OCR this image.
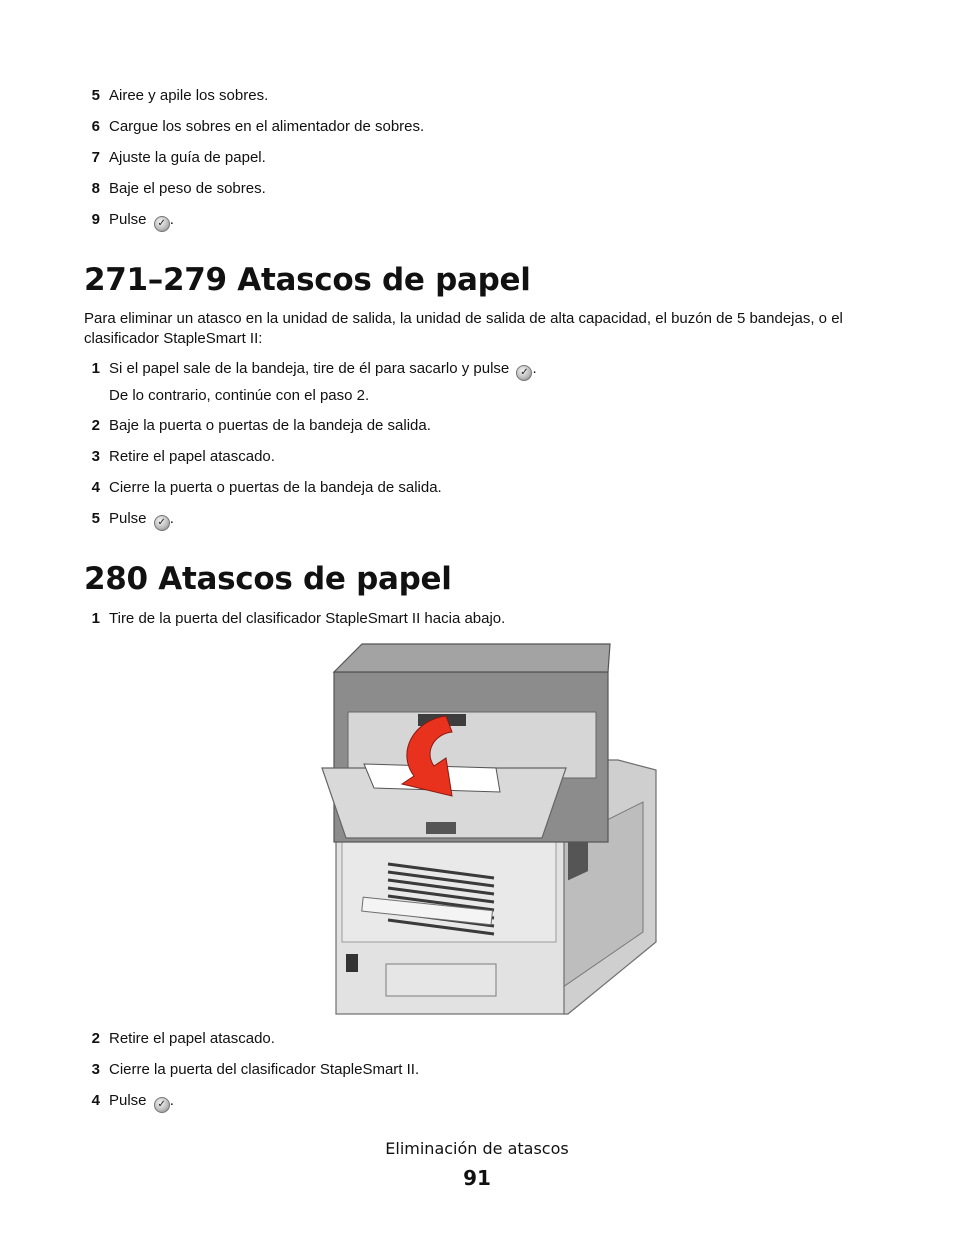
5 Airee y apile los sobres.
6 Cargue los sobres en el alimentador de sobres.
7 Ajuste la guía de papel.
8 Baje el peso de sobres.
9 Pulse ✓ .
271–279 Atascos de papel
Para eliminar un atasco en la unidad de salida, la unidad de salida de alta capacidad, el buzón de 5 bandejas, o el clasificador StapleSmart II:
1 Si el papel sale de la bandeja, tire de él para sacarlo y pulse ✓ .
De lo contrario, continúe con el paso 2.
2 Baje la puerta o puertas de la bandeja de salida.
3 Retire el papel atascado.
4 Cierre la puerta o puertas de la bandeja de salida.
5 Pulse ✓ .
280 Atascos de papel
1 Tire de la puerta del clasificador StapleSmart II hacia abajo.
2 Retire el papel atascado.
3 Cierre la puerta del clasificador StapleSmart II.
4 Pulse ✓ .
Eliminación de atascos
91
